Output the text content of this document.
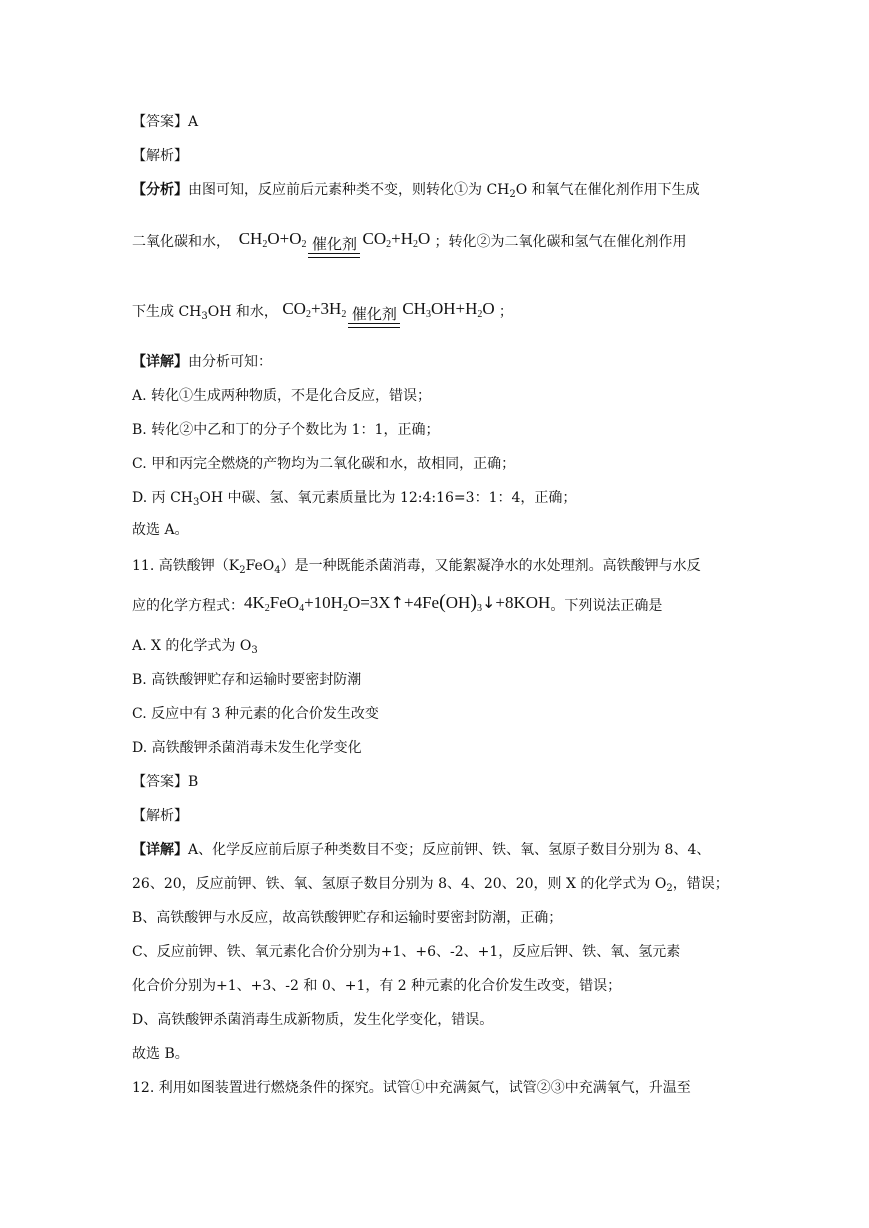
【答案】A
【解析】
【分析】由图可知，反应前后元素种类不变，则转化①为 $CH_2O$ 和氧气在催化剂作用下生成
二氧化碳和水，  $CH_2O+O_2$ 催化剂 $CO_2+H_2O$ ；转化②为二氧化碳和氢气在催化剂作用
下生成 $CH_3OH$ 和水， $CO_2+3H_2$ 催化剂 $CH_3OH+H_2O$ ；
【详解】由分析可知：
A. 转化①生成两种物质，不是化合反应，错误；
B. 转化②中乙和丁的分子个数比为 1：1，正确；
C. 甲和丙完全燃烧的产物均为二氧化碳和水，故相同，正确；
D. 丙 $CH_3OH$ 中碳、氢、氧元素质量比为 12:4:16=3：1：4，正确；
故选 A。
11. 高铁酸钾$(K_2FeO_4)$是一种既能杀菌消毒，又能絮凝净水的水处理剂。高铁酸钾与水反
应的化学方程式：$4K_2FeO_4+10H_2O=3X↑+4Fe(OH)_3↓+8KOH$。下列说法正确是
A. X 的化学式为 $O_3$
B. 高铁酸钾贮存和运输时要密封防潮
C. 反应中有 3 种元素的化合价发生改变
D. 高铁酸钾杀菌消毒未发生化学变化
【答案】B
【解析】
【详解】A、化学反应前后原子种类数目不变；反应前钾、铁、氧、氢原子数目分别为 8、4、
26、20，反应前钾、铁、氧、氢原子数目分别为 8、4、20、20，则 X 的化学式为 $O_2$，错误；
B、高铁酸钾与水反应，故高铁酸钾贮存和运输时要密封防潮，正确；
C、反应前钾、铁、氧元素化合价分别为+1、+6、-2、+1，反应后钾、铁、氧、氢元素
化合价分别为+1、+3、-2 和 0、+1，有 2 种元素的化合价发生改变，错误；
D、高铁酸钾杀菌消毒生成新物质，发生化学变化，错误。
故选 B。
12. 利用如图装置进行燃烧条件的探究。试管①中充满氮气，试管②③中充满氧气，升温至
